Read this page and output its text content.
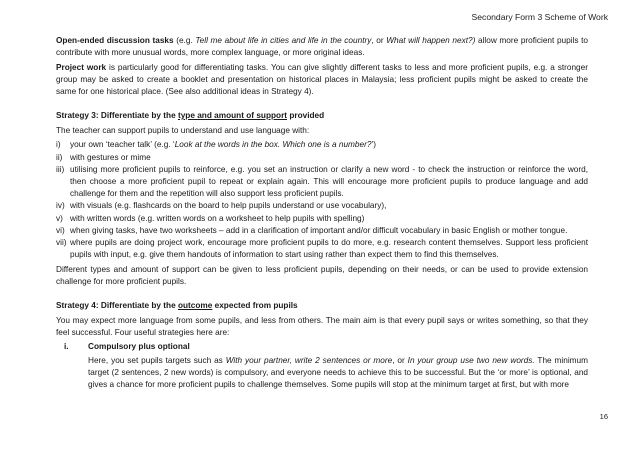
Secondary Form 3 Scheme of Work

Open-ended discussion tasks (e.g. Tell me about life in cities and life in the country, or What will happen next?) allow more proficient pupils to contribute with more unusual words, more complex language, or more original ideas.

Project work is particularly good for differentiating tasks. You can give slightly different tasks to less and more proficient pupils, e.g. a stronger group may be asked to create a booklet and presentation on historical places in Malaysia; less proficient pupils might be asked to create the same for one historical place. (See also additional ideas in Strategy 4).

Strategy 3: Differentiate by the type and amount of support provided

The teacher can support pupils to understand and use language with:

i)	your own ‘teacher talk’ (e.g. ‘Look at the words in the box. Which one is a number?’)
ii) with gestures or mime
iii) utilising more proficient pupils to reinforce, e.g. you set an instruction or clarify a new word - to check the instruction or reinforce the word, then choose a more proficient pupil to repeat or explain again. This will encourage more proficient pupils to produce language and add challenge for them and the repetition will also support less proficient pupils.
iv) with visuals (e.g. flashcards on the board to help pupils understand or use vocabulary),
v) with written words (e.g. written words on a worksheet to help pupils with spelling)
vi) when giving tasks, have two worksheets – add in a clarification of important and/or difficult vocabulary in basic English or mother tongue.
vii) where pupils are doing project work, encourage more proficient pupils to do more, e.g. research content themselves. Support less proficient pupils with input, e.g. give them handouts of information to start using rather than expect them to find this themselves.

Different types and amount of support can be given to less proficient pupils, depending on their needs, or can be used to provide extension challenge for more proficient pupils.

Strategy 4: Differentiate by the outcome expected from pupils

You may expect more language from some pupils, and less from others. The main aim is that every pupil says or writes something, so that they feel successful. Four useful strategies here are:

i.	Compulsory plus optional

Here, you set pupils targets such as With your partner, write 2 sentences or more, or In your group use two new words. The minimum target (2 sentences, 2 new words) is compulsory, and everyone needs to achieve this to be successful. But the ‘or more’ is optional, and gives a chance for more proficient pupils to challenge themselves. Some pupils will stop at the minimum target at first, but with more

16
